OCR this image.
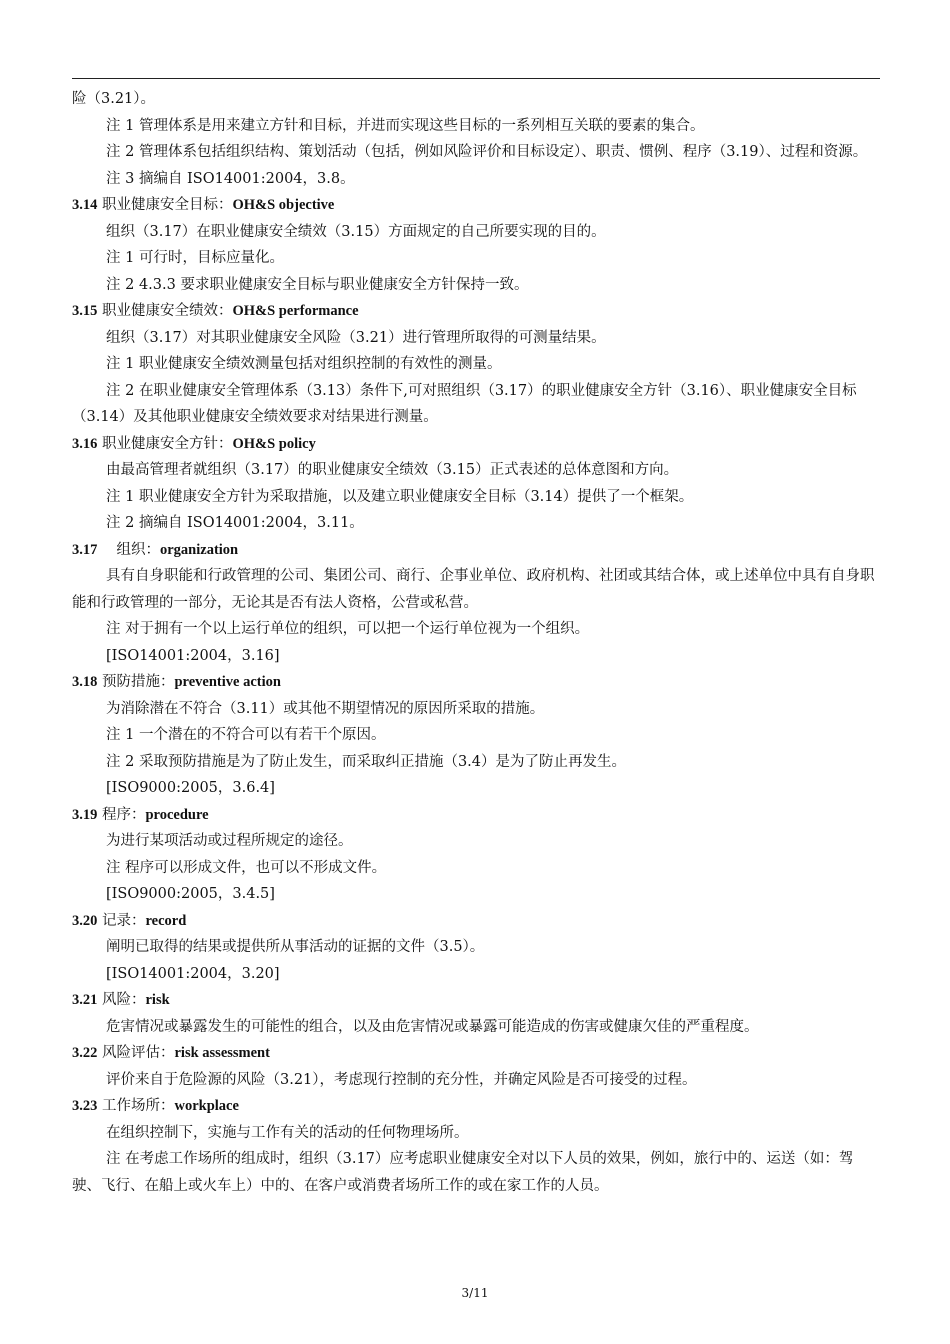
险（3.21）。

注 1 管理体系是用来建立方针和目标，并进而实现这些目标的一系列相互关联的要素的集合。

注 2 管理体系包括组织结构、策划活动（包括，例如风险评价和目标设定）、职责、惯例、程序（3.19）、过程和资源。

注 3 摘编自 ISO14001:2004，3.8。

3.14 职业健康安全目标：OH&S objective

组织（3.17）在职业健康安全绩效（3.15）方面规定的自己所要实现的目的。

注 1 可行时，目标应量化。

注 2 4.3.3 要求职业健康安全目标与职业健康安全方针保持一致。

3.15 职业健康安全绩效：OH&S performance

组织（3.17）对其职业健康安全风险（3.21）进行管理所取得的可测量结果。

注 1 职业健康安全绩效测量包括对组织控制的有效性的测量。

注 2 在职业健康安全管理体系（3.13）条件下,可对照组织（3.17）的职业健康安全方针（3.16）、职业健康安全目标（3.14）及其他职业健康安全绩效要求对结果进行测量。

3.16 职业健康安全方针：OH&S policy

由最高管理者就组织（3.17）的职业健康安全绩效（3.15）正式表述的总体意图和方向。

注 1 职业健康安全方针为采取措施，以及建立职业健康安全目标（3.14）提供了一个框架。

注 2 摘编自 ISO14001:2004，3.11。

3.17 　组织：organization

具有自身职能和行政管理的公司、集团公司、商行、企事业单位、政府机构、社团或其结合体，或上述单位中具有自身职能和行政管理的一部分，无论其是否有法人资格，公营或私营。

注 对于拥有一个以上运行单位的组织，可以把一个运行单位视为一个组织。

[ISO14001:2004，3.16]

3.18 预防措施：preventive action

为消除潜在不符合（3.11）或其他不期望情况的原因所采取的措施。

注 1 一个潜在的不符合可以有若干个原因。

注 2 采取预防措施是为了防止发生，而采取纠正措施（3.4）是为了防止再发生。

[ISO9000:2005，3.6.4]

3.19 程序：procedure

为进行某项活动或过程所规定的途径。

注 程序可以形成文件，也可以不形成文件。

[ISO9000:2005，3.4.5]

3.20 记录：record

阐明已取得的结果或提供所从事活动的证据的文件（3.5）。

[ISO14001:2004，3.20]

3.21 风险：risk

危害情况或暴露发生的可能性的组合，以及由危害情况或暴露可能造成的伤害或健康欠佳的严重程度。

3.22 风险评估：risk assessment

评价来自于危险源的风险（3.21），考虑现行控制的充分性，并确定风险是否可接受的过程。

3.23 工作场所：workplace

在组织控制下，实施与工作有关的活动的任何物理场所。

注 在考虑工作场所的组成时，组织（3.17）应考虑职业健康安全对以下人员的效果，例如，旅行中的、运送（如：驾驶、飞行、在船上或火车上）中的、在客户或消费者场所工作的或在家工作的人员。

3/11
